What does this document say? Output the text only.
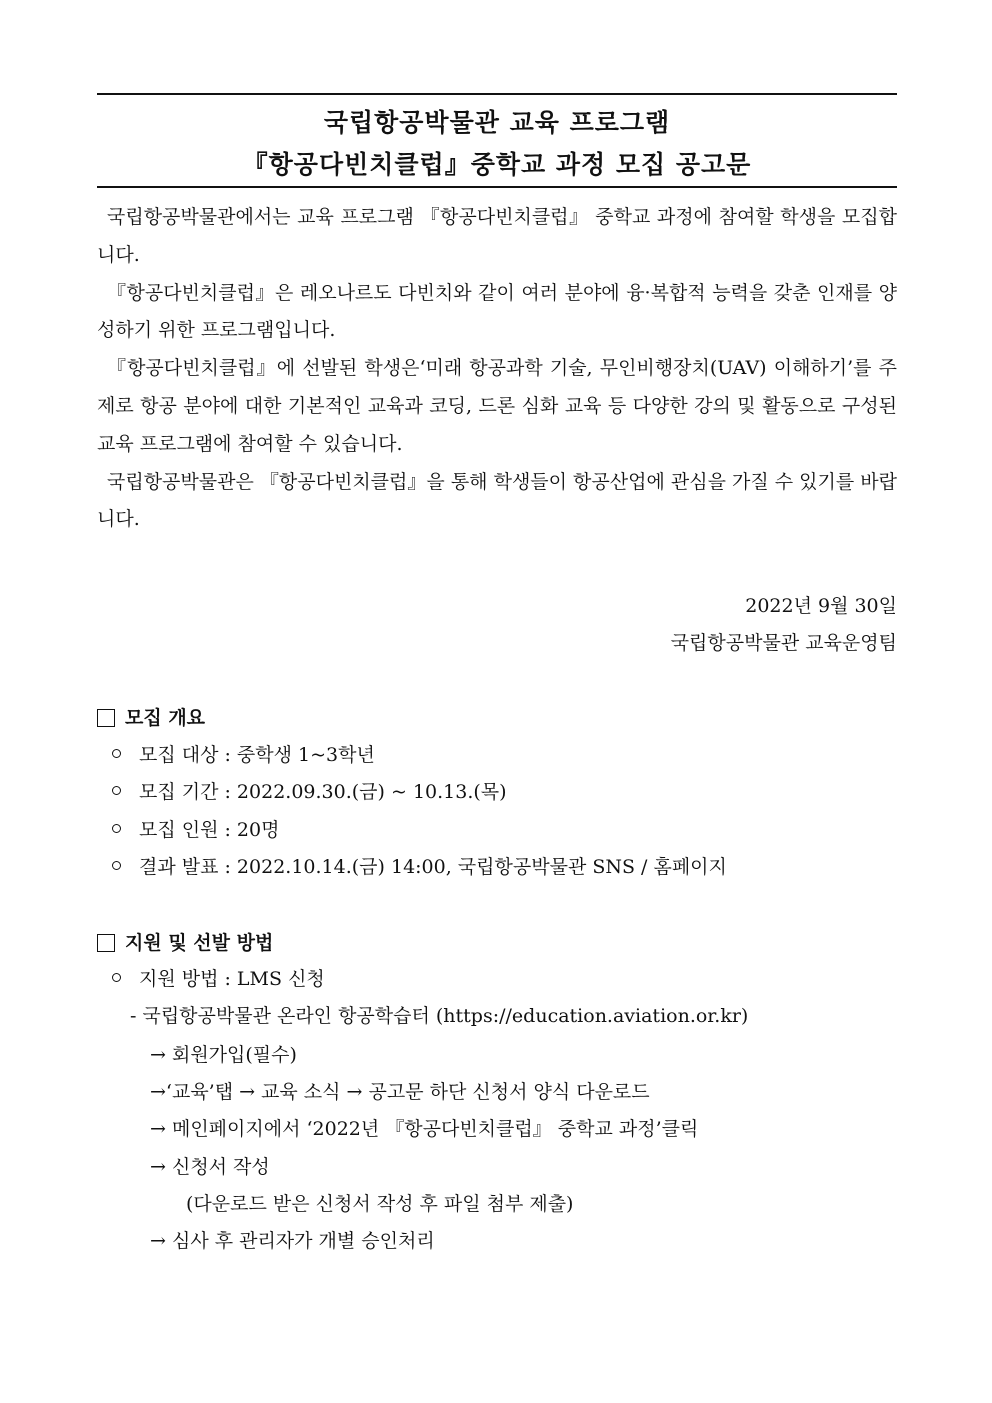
국립항공박물관 교육 프로그램
『항공다빈치클럽』중학교 과정 모집 공고문

국립항공박물관에서는 교육 프로그램 『항공다빈치클럽』 중학교 과정에 참여할 학생을 모집합니다.

『항공다빈치클럽』은 레오나르도 다빈치와 같이 여러 분야에 융·복합적 능력을 갖춘 인재를 양성하기 위한 프로그램입니다.

『항공다빈치클럽』에 선발된 학생은‘미래 항공과학 기술, 무인비행장치(UAV) 이해하기’를 주제로 항공 분야에 대한 기본적인 교육과 코딩, 드론 심화 교육 등 다양한 강의 및 활동으로 구성된 교육 프로그램에 참여할 수 있습니다.

국립항공박물관은 『항공다빈치클럽』을 통해 학생들이 항공산업에 관심을 가질 수 있기를 바랍니다.

2022년 9월 30일
국립항공박물관 교육운영팀
모집 개요
모집 대상 : 중학생 1~3학년
모집 기간 : 2022.09.30.(금) ~ 10.13.(목)
모집 인원 : 20명
결과 발표 : 2022.10.14.(금) 14:00, 국립항공박물관 SNS / 홈페이지
지원 및 선발 방법
지원 방법 : LMS 신청
- 국립항공박물관 온라인 항공학습터 (https://education.aviation.or.kr)
→ 회원가입(필수)
→‘교육’탭 → 교육 소식 → 공고문 하단 신청서 양식 다운로드
→ 메인페이지에서 ‘2022년 『항공다빈치클럽』 중학교 과정’클릭
→ 신청서 작성
(다운로드 받은 신청서 작성 후 파일 첨부 제출)
→ 심사 후 관리자가 개별 승인처리
